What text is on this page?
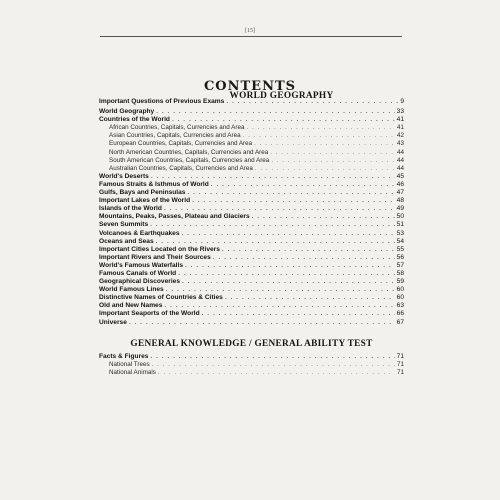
[15]
CONTENTS
Important Questions of Previous Exams . . .	9
WORLD GEOGRAPHY
World Geography . . .	33
Countries of the World . . .	41
African Countries, Capitals, Currencies and Area . . .	41
Asian Countries, Capitals, Currencies and Area . . .	42
European Countries, Capitals, Currencies and Area . . .	43
North American Countries, Capitals, Currencies and Area . . .	44
South American Countries, Capitals, Currencies and Area . . .	44
Australian Countries, Capitals, Currencies and Area . . .	44
World's Deserts . . .	45
Famous Straits & Isthmus of World . . .	46
Gulfs, Bays and Peninsulas . . .	47
Important Lakes of the World . . .	48
Islands of the World . . .	49
Mountains, Peaks, Passes, Plateau and Glaciers . . .	50
Seven Summits . . .	51
Volcanoes & Earthquakes . . .	53
Oceans and Seas . . .	54
Important Cities Located on the Rivers . . .	55
Important Rivers and Their Sources . . .	56
World's Famous Waterfalls . . .	57
Famous Canals of World . . .	58
Geographical Discoveries . . .	59
World Famous Lines . . .	60
Distinctive Names of Countries & Cities . . .	60
Old and New Names . . .	63
Important Seaports of the World . . .	66
Universe . . .	67
GENERAL KNOWLEDGE / GENERAL ABILITY TEST
Facts & Figures . . .	71
National Trees . . .	71
National Animals . . .	71
